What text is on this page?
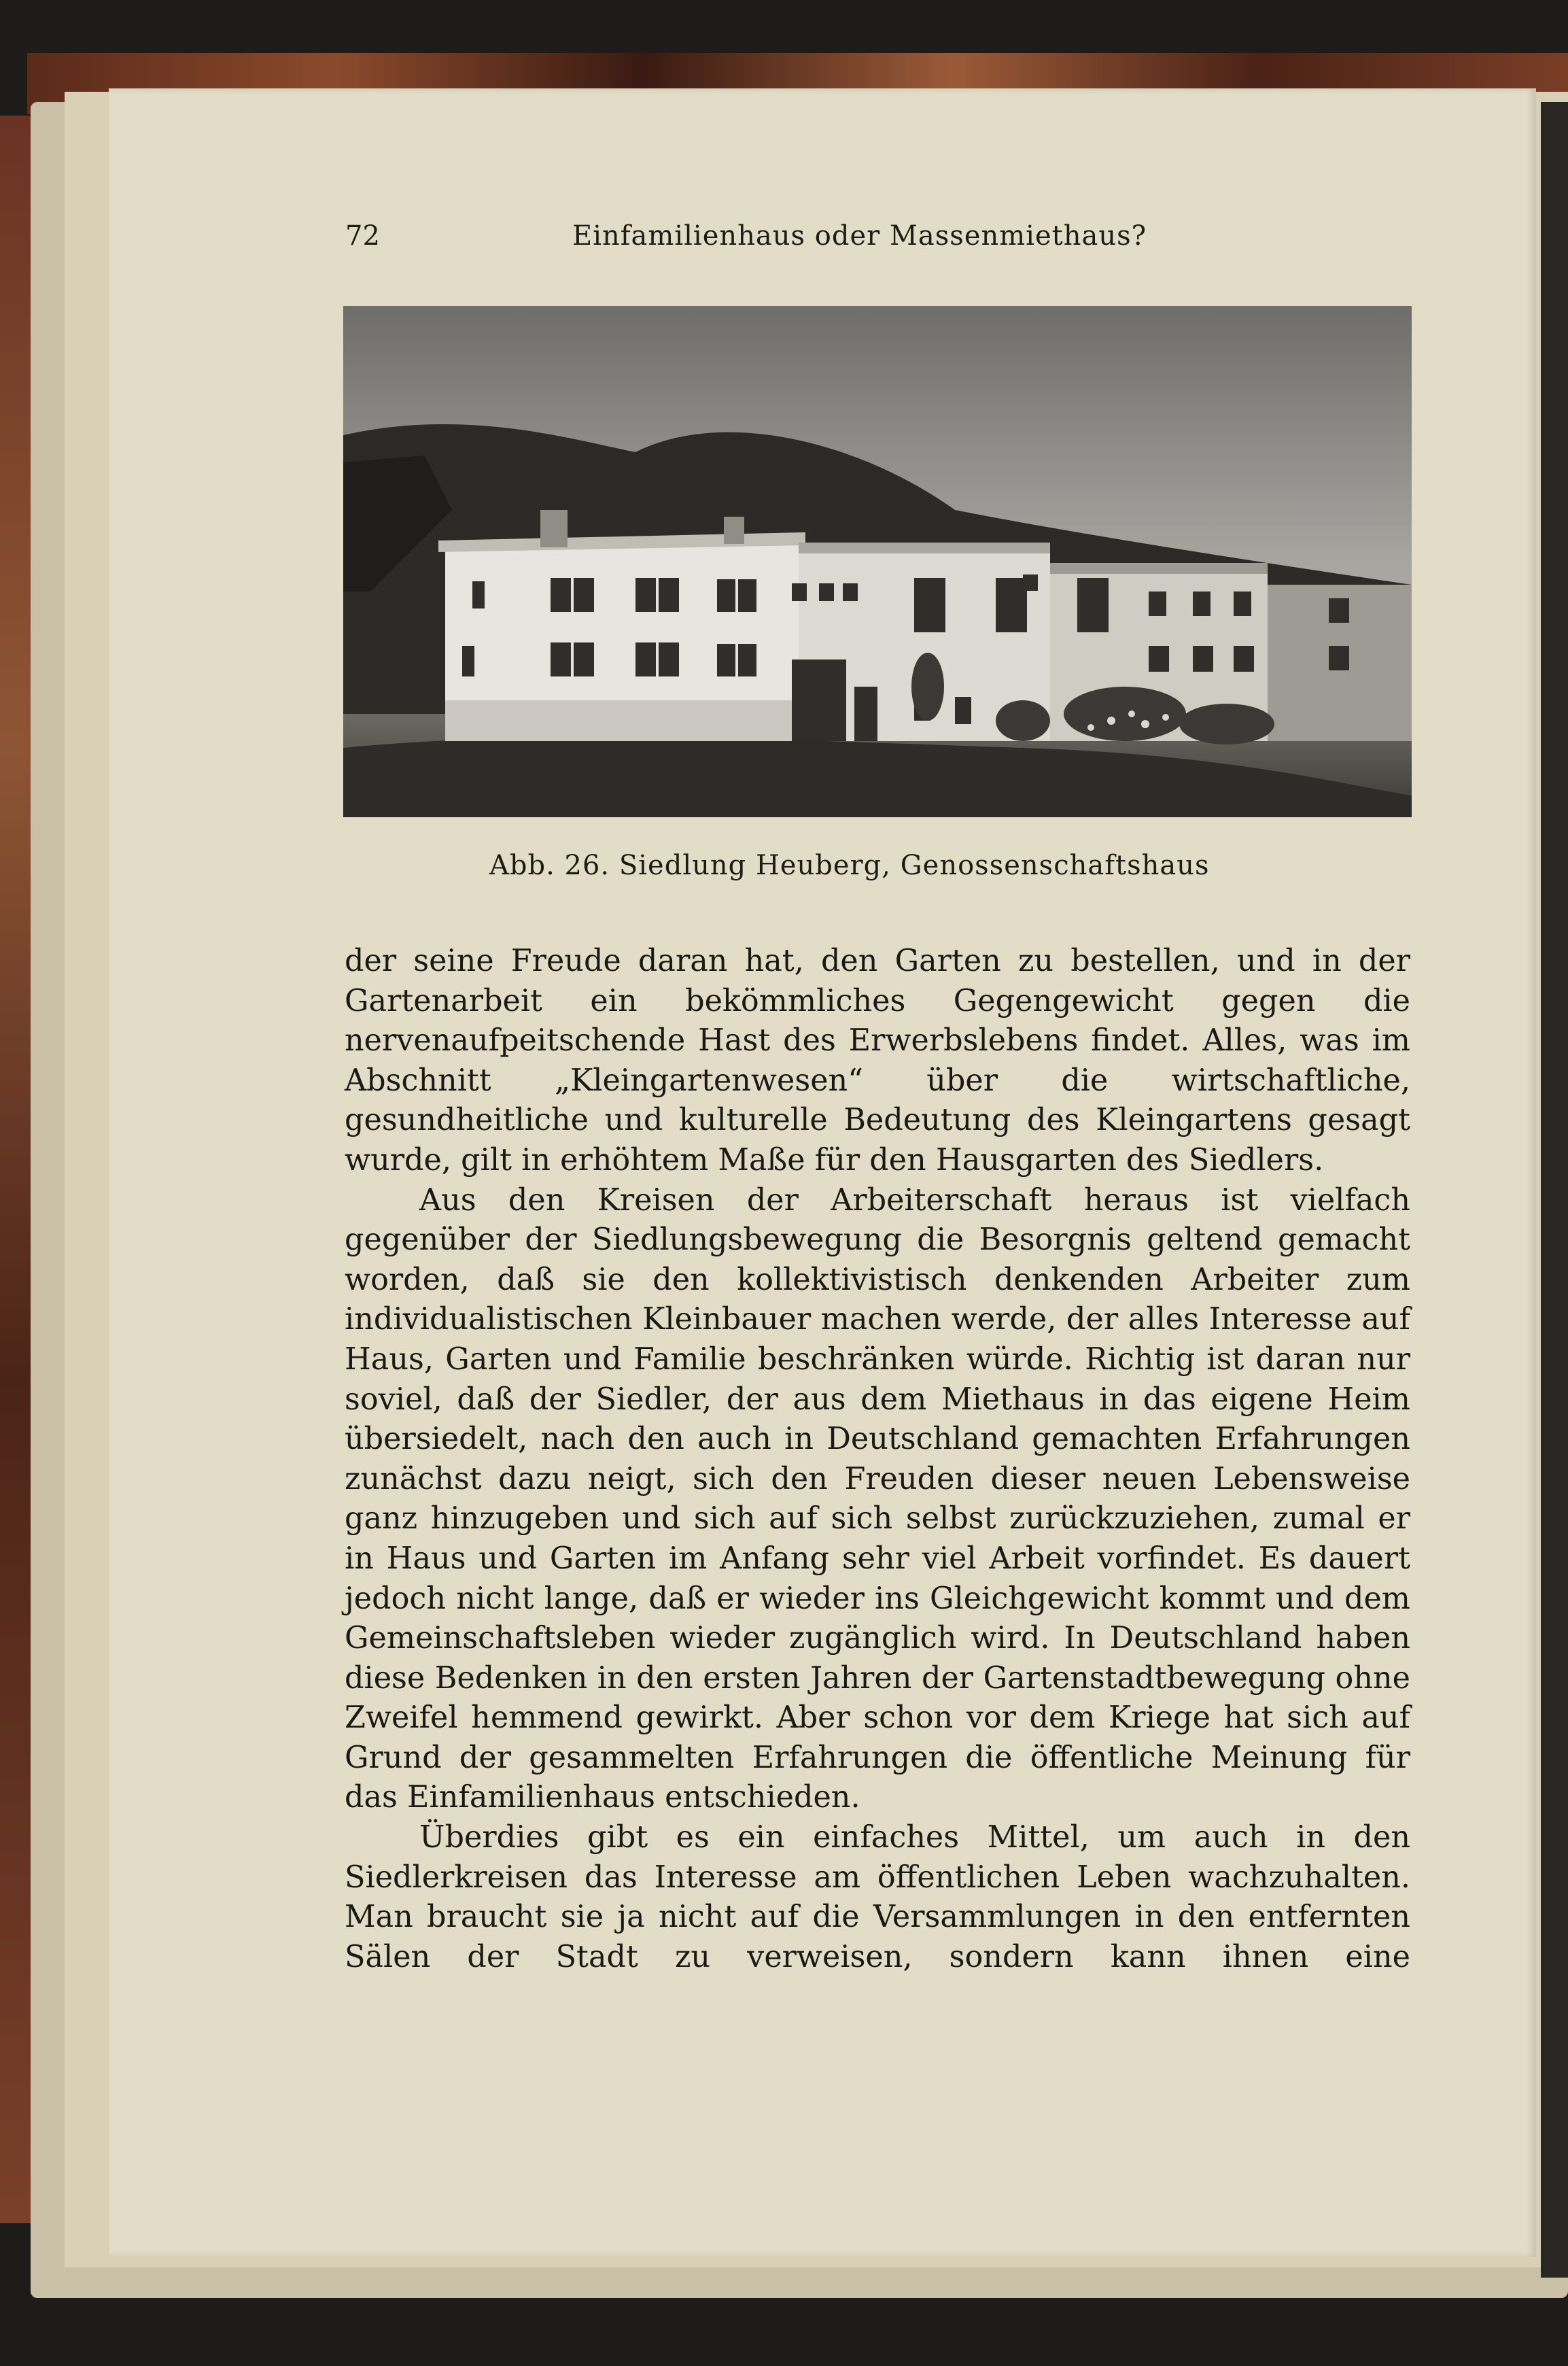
72	Einfamilienhaus oder Massenmiethaus?
Abb. 26. Siedlung Heuberg, Genossenschaftshaus

der seine Freude daran hat, den Garten zu bestellen, und in der Gartenarbeit ein bekömmliches Gegengewicht gegen die nervenaufpeitschende Hast des Erwerbslebens findet. Alles, was im Abschnitt „Kleingartenwesen“ über die wirtschaftliche, gesundheitliche und kulturelle Bedeutung des Kleingartens gesagt wurde, gilt in erhöhtem Maße für den Hausgarten des Siedlers.

Aus den Kreisen der Arbeiterschaft heraus ist vielfach gegenüber der Siedlungsbewegung die Besorgnis geltend gemacht worden, daß sie den kollektivistisch denkenden Arbeiter zum individualistischen Kleinbauer machen werde, der alles Interesse auf Haus, Garten und Familie beschränken würde. Richtig ist daran nur soviel, daß der Siedler, der aus dem Miethaus in das eigene Heim übersiedelt, nach den auch in Deutschland gemachten Erfahrungen zunächst dazu neigt, sich den Freuden dieser neuen Lebensweise ganz hinzugeben und sich auf sich selbst zurückzuziehen, zumal er in Haus und Garten im Anfang sehr viel Arbeit vorfindet. Es dauert jedoch nicht lange, daß er wieder ins Gleichgewicht kommt und dem Gemeinschaftsleben wieder zugänglich wird. In Deutschland haben diese Bedenken in den ersten Jahren der Gartenstadtbewegung ohne Zweifel hemmend gewirkt. Aber schon vor dem Kriege hat sich auf Grund der gesammelten Erfahrungen die öffentliche Meinung für das Einfamilienhaus entschieden.

Überdies gibt es ein einfaches Mittel, um auch in den Siedlerkreisen das Interesse am öffentlichen Leben wachzuhalten. Man braucht sie ja nicht auf die Versammlungen in den entfernten Sälen der Stadt zu verweisen, sondern kann ihnen eine
